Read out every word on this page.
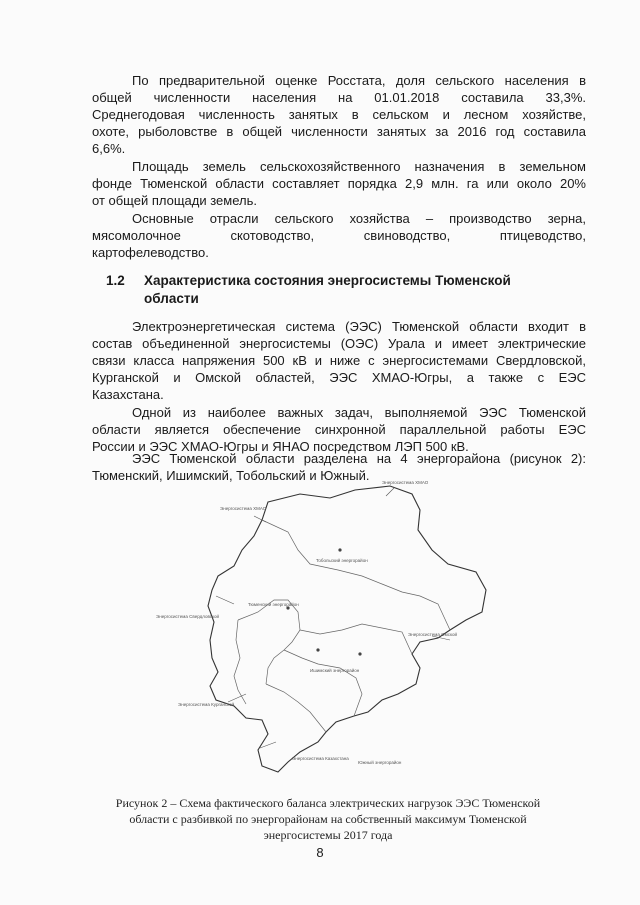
По предварительной оценке Росстата, доля сельского населения в
общей численности населения на 01.01.2018 составила 33,3%.
Среднегодовая численность занятых в сельском и лесном хозяйстве,
охоте, рыболовстве в общей численности занятых за 2016 год составила
6,6%.
Площадь земель сельскохозяйственного назначения в земельном
фонде Тюменской области составляет порядка 2,9 млн. га или около 20%
от общей площади земель.
Основные отрасли сельского хозяйства – производство зерна,
мясомолочное скотоводство, свиноводство, птицеводство,
картофелеводство.
1.2 Характеристика состояния энергосистемы Тюменской
области
Электроэнергетическая система (ЭЭС) Тюменской области входит в
состав объединенной энергосистемы (ОЭС) Урала и имеет электрические
связи класса напряжения 500 кВ и ниже с энергосистемами Свердловской,
Курганской и Омской областей, ЭЭС ХМАО-Югры, а также с ЕЭС
Казахстана.
Одной из наиболее важных задач, выполняемой ЭЭС Тюменской
области является обеспечение синхронной параллельной работы ЕЭС
России и ЭЭС ХМАО-Югры и ЯНАО посредством ЛЭП 500 кВ.
ЭЭС Тюменской области разделена на 4 энергорайона (рисунок 2):
Тюменский, Ишимский, Тобольский и Южный.	Энергосистема ХМАО
Энергосистема ХМАО
Тобольский энергорайон
Тюменский энергорайон
Энергосистема Свердловской
Энергосистема Омской
Ишимский энергорайон
Энергосистема Курганской
Энергосистема Казахстана
Южный энергорайон
Рисунок 2 – Схема фактического баланса электрических нагрузок ЭЭС Тюменской
области с разбивкой по энергорайонам на собственный максимум Тюменской
энергосистемы 2017 года
8
